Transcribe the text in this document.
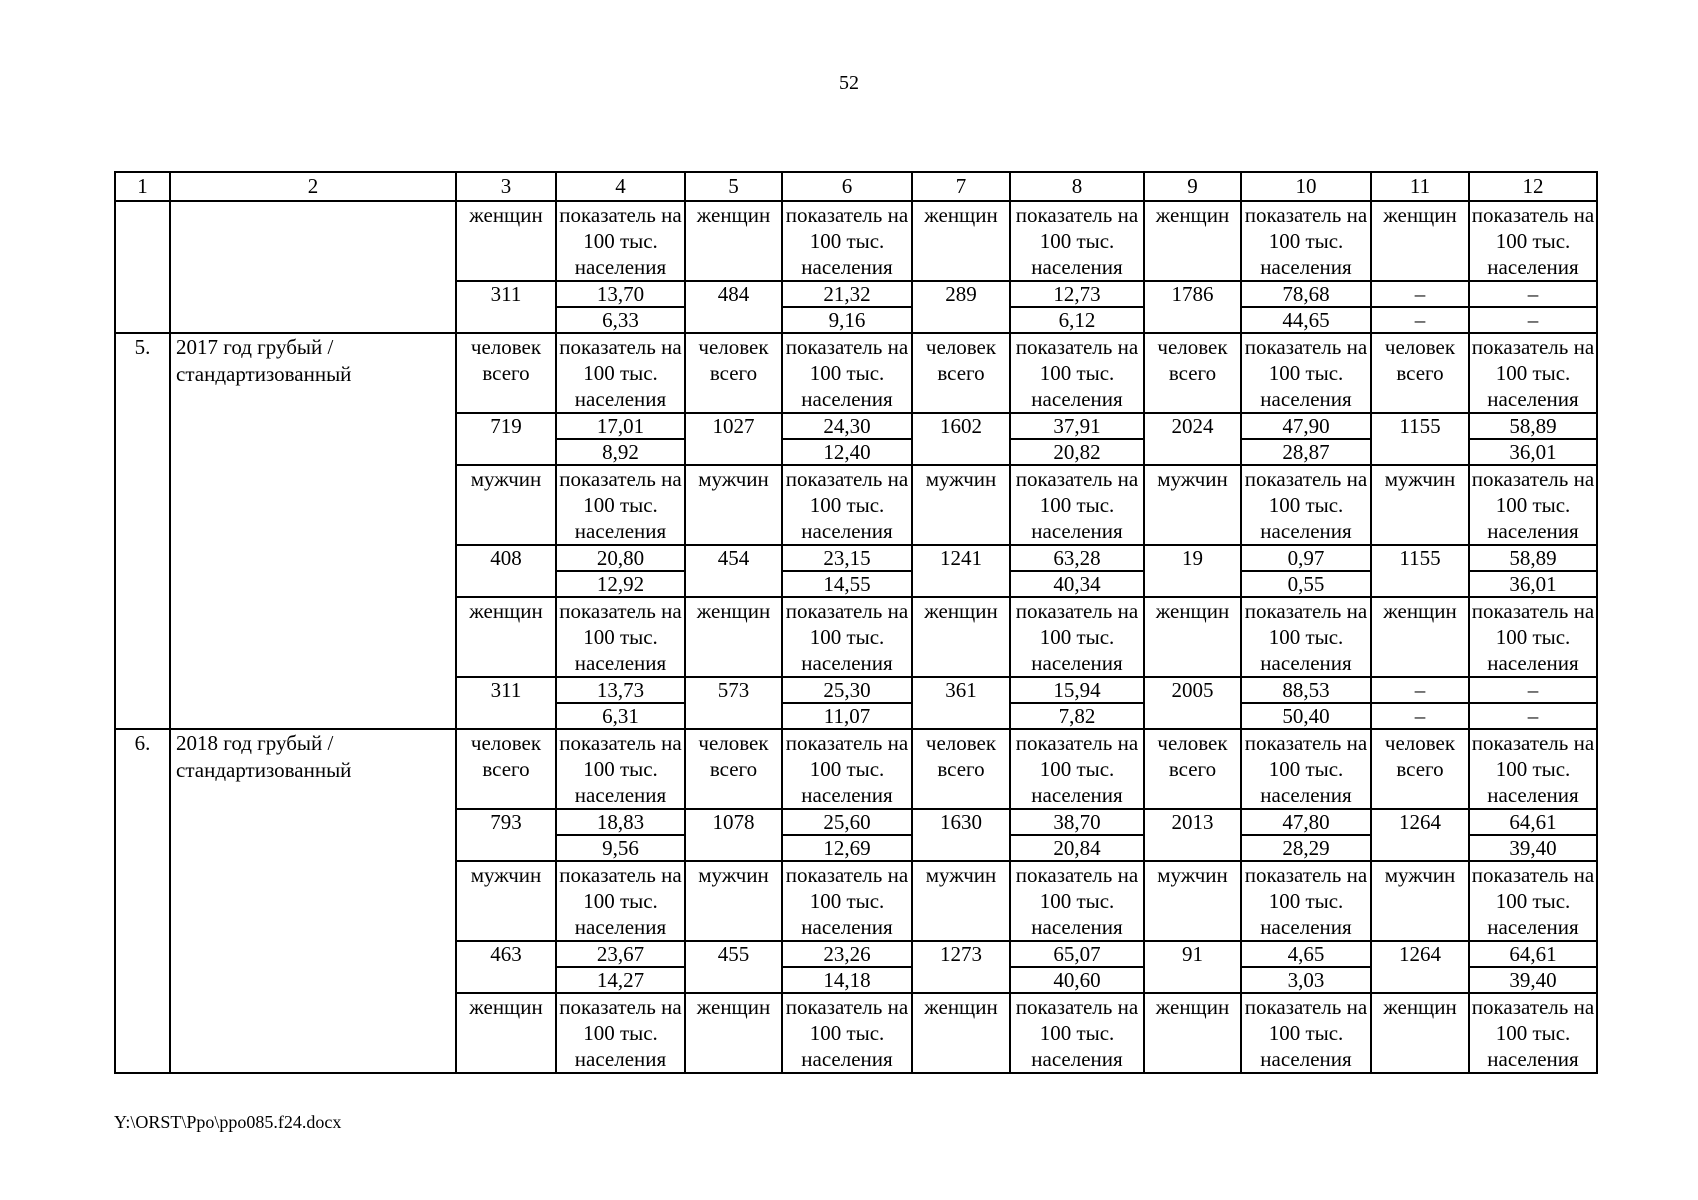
52
1	2	3	4	5	6	7	8	9	10	11	12
		женщин	показатель на 100 тыс. населения	женщин	показатель на 100 тыс. населения	женщин	показатель на 100 тыс. населения	женщин	показатель на 100 тыс. населения	женщин	показатель на 100 тыс. населения
		311	13,70	484	21,32	289	12,73	1786	78,68	–	–
			6,33		9,16		6,12		44,65	–	–
5.	2017 год грубый / стандартизованный	человек всего	показатель на 100 тыс. населения	человек всего	показатель на 100 тыс. населения	человек всего	показатель на 100 тыс. населения	человек всего	показатель на 100 тыс. населения	человек всего	показатель на 100 тыс. населения
		719	17,01	1027	24,30	1602	37,91	2024	47,90	1155	58,89
			8,92		12,40		20,82		28,87		36,01
		мужчин	показатель на 100 тыс. населения	мужчин	показатель на 100 тыс. населения	мужчин	показатель на 100 тыс. населения	мужчин	показатель на 100 тыс. населения	мужчин	показатель на 100 тыс. населения
		408	20,80	454	23,15	1241	63,28	19	0,97	1155	58,89
			12,92		14,55		40,34		0,55		36,01
		женщин	показатель на 100 тыс. населения	женщин	показатель на 100 тыс. населения	женщин	показатель на 100 тыс. населения	женщин	показатель на 100 тыс. населения	женщин	показатель на 100 тыс. населения
		311	13,73	573	25,30	361	15,94	2005	88,53	–	–
			6,31		11,07		7,82		50,40	–	–
6.	2018 год грубый / стандартизованный	человек всего	показатель на 100 тыс. населения	человек всего	показатель на 100 тыс. населения	человек всего	показатель на 100 тыс. населения	человек всего	показатель на 100 тыс. населения	человек всего	показатель на 100 тыс. населения
		793	18,83	1078	25,60	1630	38,70	2013	47,80	1264	64,61
			9,56		12,69		20,84		28,29		39,40
		мужчин	показатель на 100 тыс. населения	мужчин	показатель на 100 тыс. населения	мужчин	показатель на 100 тыс. населения	мужчин	показатель на 100 тыс. населения	мужчин	показатель на 100 тыс. населения
		463	23,67	455	23,26	1273	65,07	91	4,65	1264	64,61
			14,27		14,18		40,60		3,03		39,40
		женщин	показатель на 100 тыс. населения	женщин	показатель на 100 тыс. населения	женщин	показатель на 100 тыс. населения	женщин	показатель на 100 тыс. населения	женщин	показатель на 100 тыс. населения
Y:\ORST\Ppo\ppo085.f24.docx
